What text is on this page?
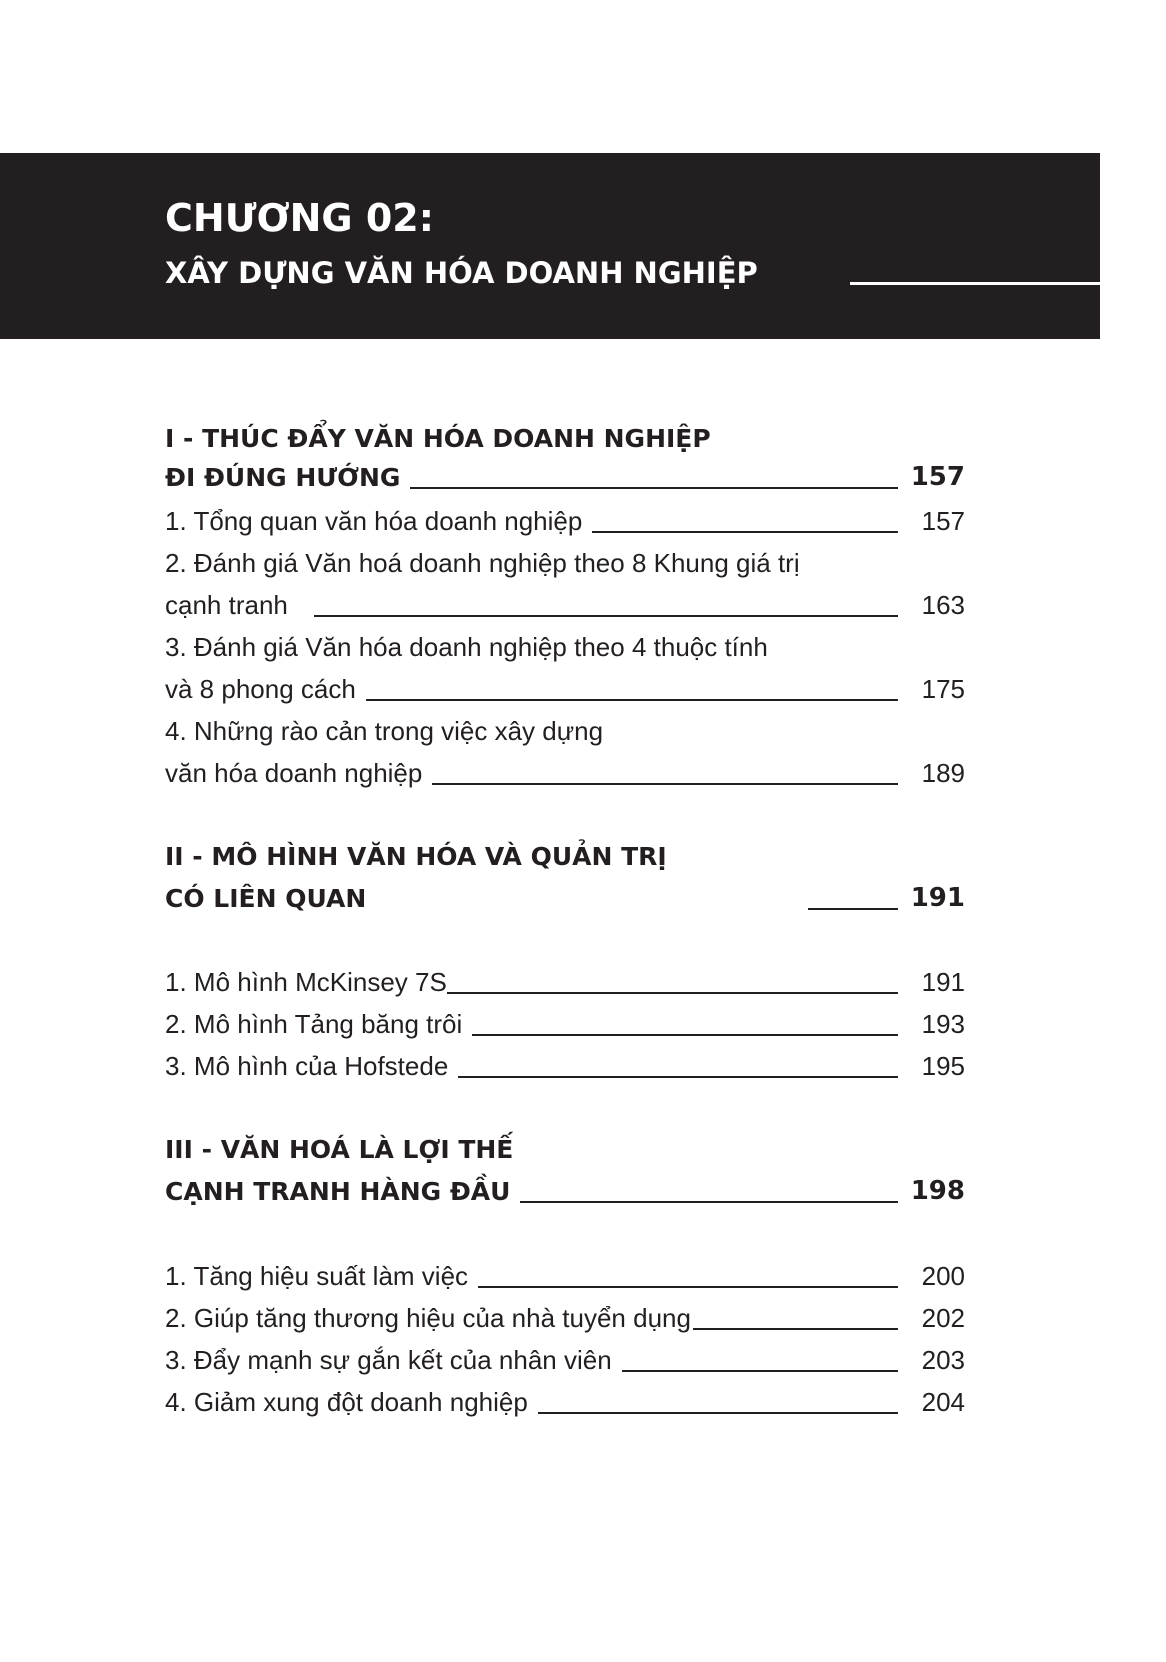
CHƯƠNG 02:
XÂY DỰNG VĂN HÓA DOANH NGHIỆP
I - THÚC ĐẨY VĂN HÓA DOANH NGHIỆP
ĐI ĐÚNG HƯỚNG	157
1. Tổng quan văn hóa doanh nghiệp	157
2. Đánh giá Văn hoá doanh nghiệp theo 8 Khung giá trị
cạnh tranh	163
3. Đánh giá Văn hóa doanh nghiệp theo 4 thuộc tính
và 8 phong cách	175
4. Những rào cản trong việc xây dựng
văn hóa doanh nghiệp	189
II - MÔ HÌNH VĂN HÓA VÀ QUẢN TRỊ
CÓ LIÊN QUAN	191
1. Mô hình McKinsey 7S	191
2. Mô hình Tảng băng trôi	193
3. Mô hình của Hofstede	195
III - VĂN HOÁ LÀ LỢI THẾ
CẠNH TRANH HÀNG ĐẦU	198
1. Tăng hiệu suất làm việc	200
2. Giúp tăng thương hiệu của nhà tuyển dụng	202
3. Đẩy mạnh sự gắn kết của nhân viên	203
4. Giảm xung đột doanh nghiệp	204
